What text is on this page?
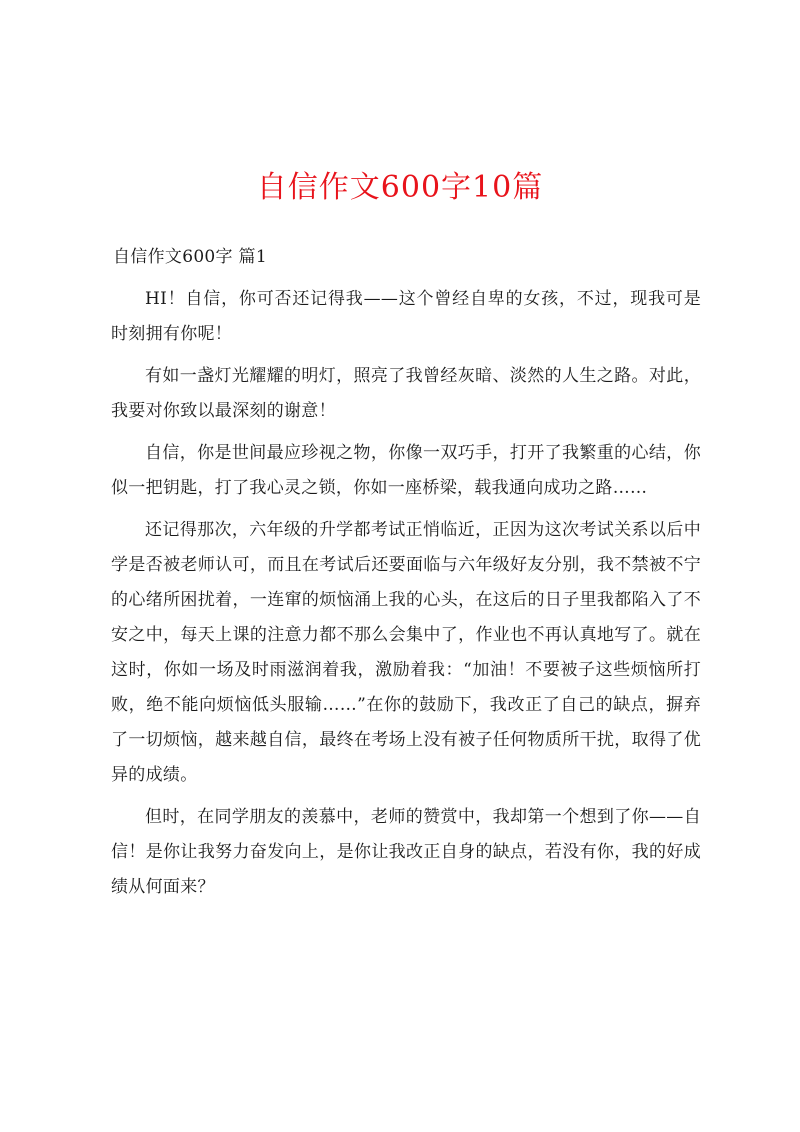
自信作文600字10篇
自信作文600字 篇1

HI！自信，你可否还记得我——这个曾经自卑的女孩，不过，现我可是时刻拥有你呢！

有如一盏灯光耀耀的明灯，照亮了我曾经灰暗、淡然的人生之路。对此，我要对你致以最深刻的谢意！

自信，你是世间最应珍视之物，你像一双巧手，打开了我繁重的心结，你似一把钥匙，打了我心灵之锁，你如一座桥梁，载我通向成功之路……

还记得那次，六年级的升学都考试正悄临近，正因为这次考试关系以后中学是否被老师认可，而且在考试后还要面临与六年级好友分别，我不禁被不宁的心绪所困扰着，一连窜的烦恼涌上我的心头，在这后的日子里我都陷入了不安之中，每天上课的注意力都不那么会集中了，作业也不再认真地写了。就在这时，你如一场及时雨滋润着我，激励着我：“加油！不要被子这些烦恼所打败，绝不能向烦恼低头服输……”在你的鼓励下，我改正了自己的缺点，摒弃了一切烦恼，越来越自信，最终在考场上没有被子任何物质所干扰，取得了优异的成绩。

但时，在同学朋友的羡慕中，老师的赞赏中，我却第一个想到了你——自信！是你让我努力奋发向上，是你让我改正自身的缺点，若没有你，我的好成绩从何面来？
